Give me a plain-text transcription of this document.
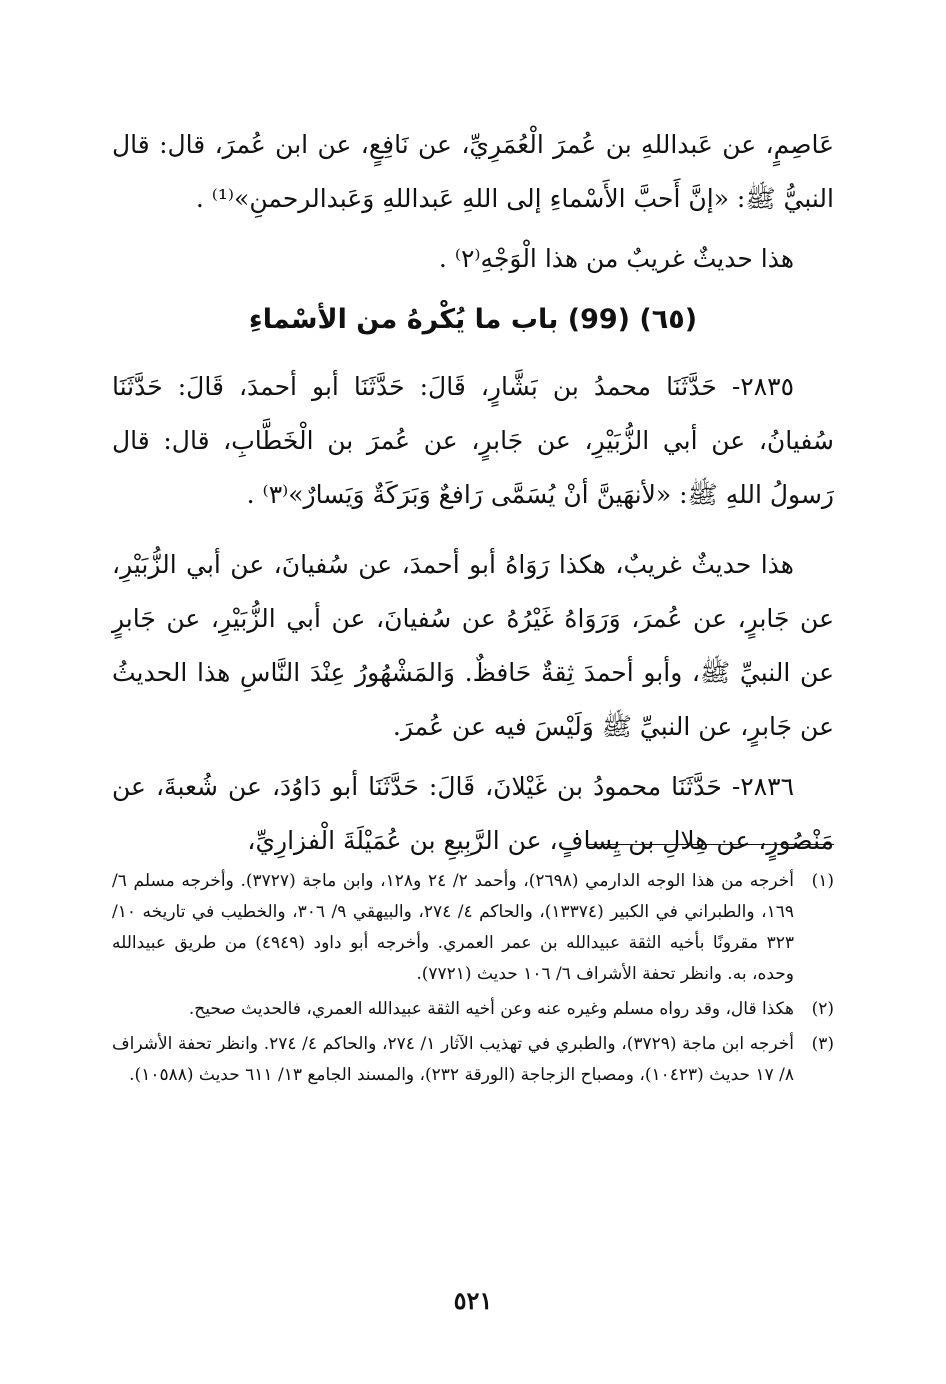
عَاصِمٍ، عن عَبداللهِ بن عُمرَ الْعُمَرِيِّ، عن نَافِعٍ، عن ابن عُمرَ، قال: قال النبيُّ ﷺ: «إنَّ أَحبَّ الأَسْماءِ إلى اللهِ عَبداللهِ وَعَبدالرحمنِ»⁽¹⁾ .

هذا حديثٌ غريبٌ من هذا الْوَجْهِ⁽٢⁾ .

(٦٥) (99) باب ما يُكْرهُ من الأسْماءِ

٢٨٣٥- حَدَّثَنَا محمدُ بن بَشَّارٍ، قَالَ: حَدَّثَنَا أبو أحمدَ، قَالَ: حَدَّثَنَا سُفيانُ، عن أبي الزُّبَيْرِ، عن جَابرٍ، عن عُمرَ بن الْخَطَّابِ، قال: قال رَسولُ اللهِ ﷺ: «لأنهَينَّ أنْ يُسَمَّى رَافعٌ وَبَرَكَةٌ وَيَسارٌ»⁽٣⁾ .

هذا حديثٌ غريبٌ، هكذا رَوَاهُ أبو أحمدَ، عن سُفيانَ، عن أبي الزُّبَيْرِ، عن جَابرٍ، عن عُمرَ، وَرَوَاهُ غَيْرُهُ عن سُفيانَ، عن أبي الزُّبَيْرِ، عن جَابرٍ عن النبيِّ ﷺ، وأبو أحمدَ ثِقةٌ حَافظٌ. وَالمَشْهُورُ عِنْدَ النَّاسِ هذا الحديثُ عن جَابرٍ، عن النبيِّ ﷺ وَلَيْسَ فيه عن عُمرَ.

٢٨٣٦- حَدَّثَنَا محمودُ بن غَيْلانَ، قَالَ: حَدَّثَنَا أبو دَاوُدَ، عن شُعبةَ، عن مَنْصُورٍ، عن هِلالِ بن يِسافٍ، عن الرَّبِيعِ بن عُمَيْلَةَ الْفزارِيِّ،

(١)
أخرجه من هذا الوجه الدارمي (٢٦٩٨)، وأحمد ٢/ ٢٤ و١٢٨، وابن ماجة (٣٧٢٧). وأخرجه مسلم ٦/ ١٦٩، والطبراني في الكبير (١٣٣٧٤)، والحاكم ٤/ ٢٧٤، والبيهقي ٩/ ٣٠٦، والخطيب في تاريخه ١٠/ ٣٢٣ مقرونًا بأخيه الثقة عبيدالله بن عمر العمري. وأخرجه أبو داود (٤٩٤٩) من طريق عبيدالله وحده، به. وانظر تحفة الأشراف ٦/ ١٠٦ حديث (٧٧٢١).
(٢)
هكذا قال، وقد رواه مسلم وغيره عنه وعن أخيه الثقة عبيدالله العمري، فالحديث صحيح.
(٣)
أخرجه ابن ماجة (٣٧٢٩)، والطبري في تهذيب الآثار ١/ ٢٧٤، والحاكم ٤/ ٢٧٤. وانظر تحفة الأشراف ٨/ ١٧ حديث (١٠٤٢٣)، ومصباح الزجاجة (الورقة ٢٣٢)، والمسند الجامع ١٣/ ٦١١ حديث (١٠٥٨٨).
٥٢١
